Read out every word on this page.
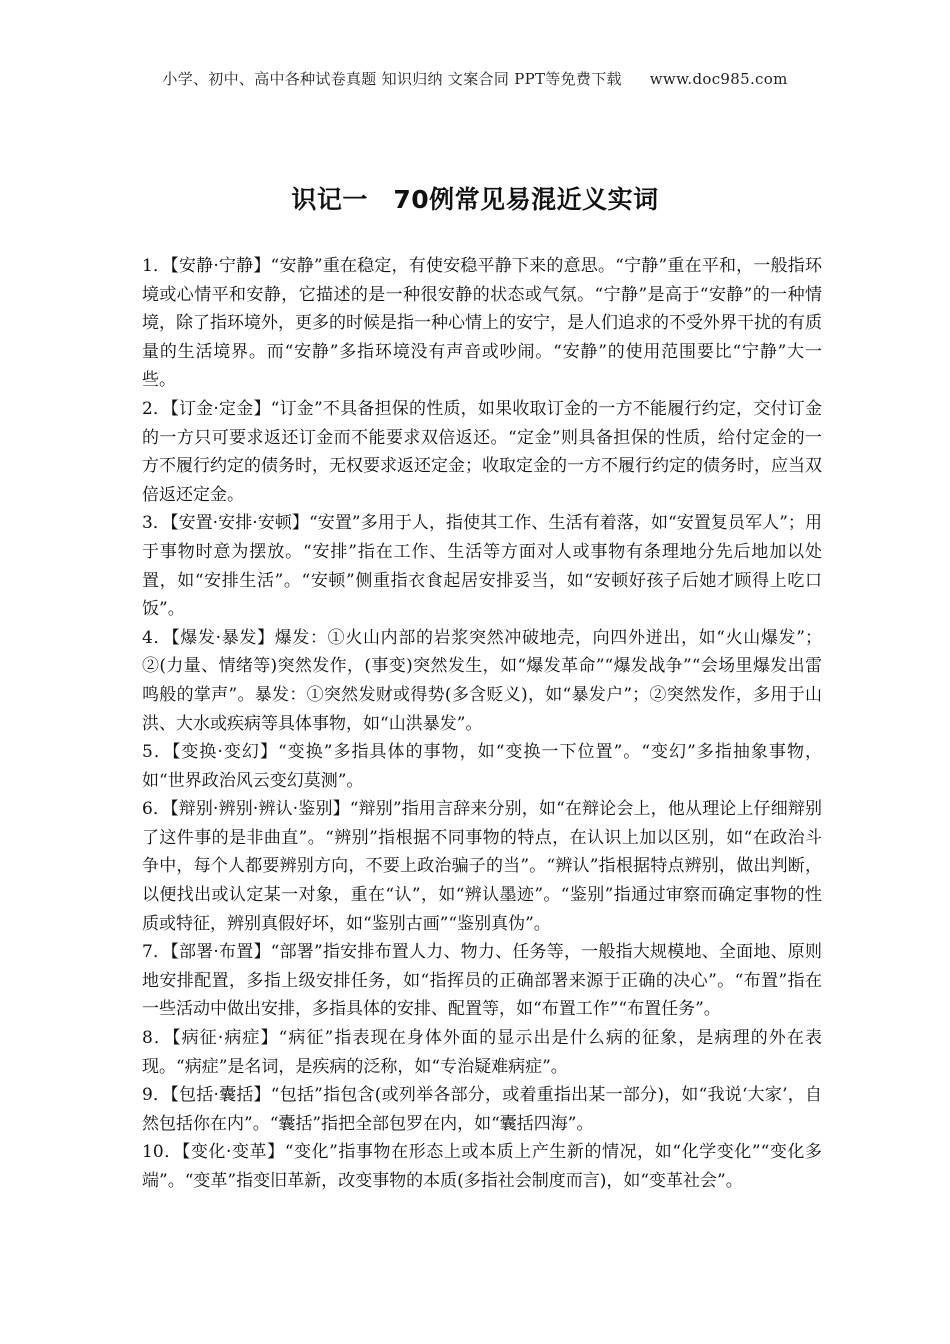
小学、初中、高中各种试卷真题 知识归纳 文案合同 PPT等免费下载 www.doc985.com
识记一　70例常见易混近义实词

1．【安静·宁静】“安静”重在稳定，有使安稳平静下来的意思。“宁静”重在平和，一般指环境或心情平和安静，它描述的是一种很安静的状态或气氛。“宁静”是高于“安静”的一种情境，除了指环境外，更多的时候是指一种心情上的安宁，是人们追求的不受外界干扰的有质量的生活境界。而“安静”多指环境没有声音或吵闹。“安静”的使用范围要比“宁静”大一些。

2．【订金·定金】“订金”不具备担保的性质，如果收取订金的一方不能履行约定，交付订金的一方只可要求返还订金而不能要求双倍返还。“定金”则具备担保的性质，给付定金的一方不履行约定的债务时，无权要求返还定金；收取定金的一方不履行约定的债务时，应当双倍返还定金。

3．【安置·安排·安顿】“安置”多用于人，指使其工作、生活有着落，如“安置复员军人”；用于事物时意为摆放。“安排”指在工作、生活等方面对人或事物有条理地分先后地加以处置，如“安排生活”。“安顿”侧重指衣食起居安排妥当，如“安顿好孩子后她才顾得上吃口饭”。

4．【爆发·暴发】爆发：①火山内部的岩浆突然冲破地壳，向四外迸出，如“火山爆发”；②(力量、情绪等)突然发作，(事变)突然发生，如“爆发革命”“爆发战争”“会场里爆发出雷鸣般的掌声”。暴发：①突然发财或得势(多含贬义)，如“暴发户”；②突然发作，多用于山洪、大水或疾病等具体事物，如“山洪暴发”。

5．【变换·变幻】“变换”多指具体的事物，如“变换一下位置”。“变幻”多指抽象事物，如“世界政治风云变幻莫测”。

6．【辩别·辨别·辨认·鉴别】“辩别”指用言辞来分别，如“在辩论会上，他从理论上仔细辩别了这件事的是非曲直”。“辨别”指根据不同事物的特点，在认识上加以区别，如“在政治斗争中，每个人都要辨别方向，不要上政治骗子的当”。“辨认”指根据特点辨别，做出判断，以便找出或认定某一对象，重在“认”，如“辨认墨迹”。“鉴别”指通过审察而确定事物的性质或特征，辨别真假好坏，如“鉴别古画”“鉴别真伪”。

7．【部署·布置】“部署”指安排布置人力、物力、任务等，一般指大规模地、全面地、原则地安排配置，多指上级安排任务，如“指挥员的正确部署来源于正确的决心”。“布置”指在一些活动中做出安排，多指具体的安排、配置等，如“布置工作”“布置任务”。

8．【病征·病症】“病征”指表现在身体外面的显示出是什么病的征象，是病理的外在表现。“病症”是名词，是疾病的泛称，如“专治疑难病症”。

9．【包括·囊括】“包括”指包含(或列举各部分，或着重指出某一部分)，如“我说‘大家’，自然包括你在内”。“囊括”指把全部包罗在内，如“囊括四海”。

10．【变化·变革】“变化”指事物在形态上或本质上产生新的情况，如“化学变化”“变化多端”。“变革”指变旧革新，改变事物的本质(多指社会制度而言)，如“变革社会”。
